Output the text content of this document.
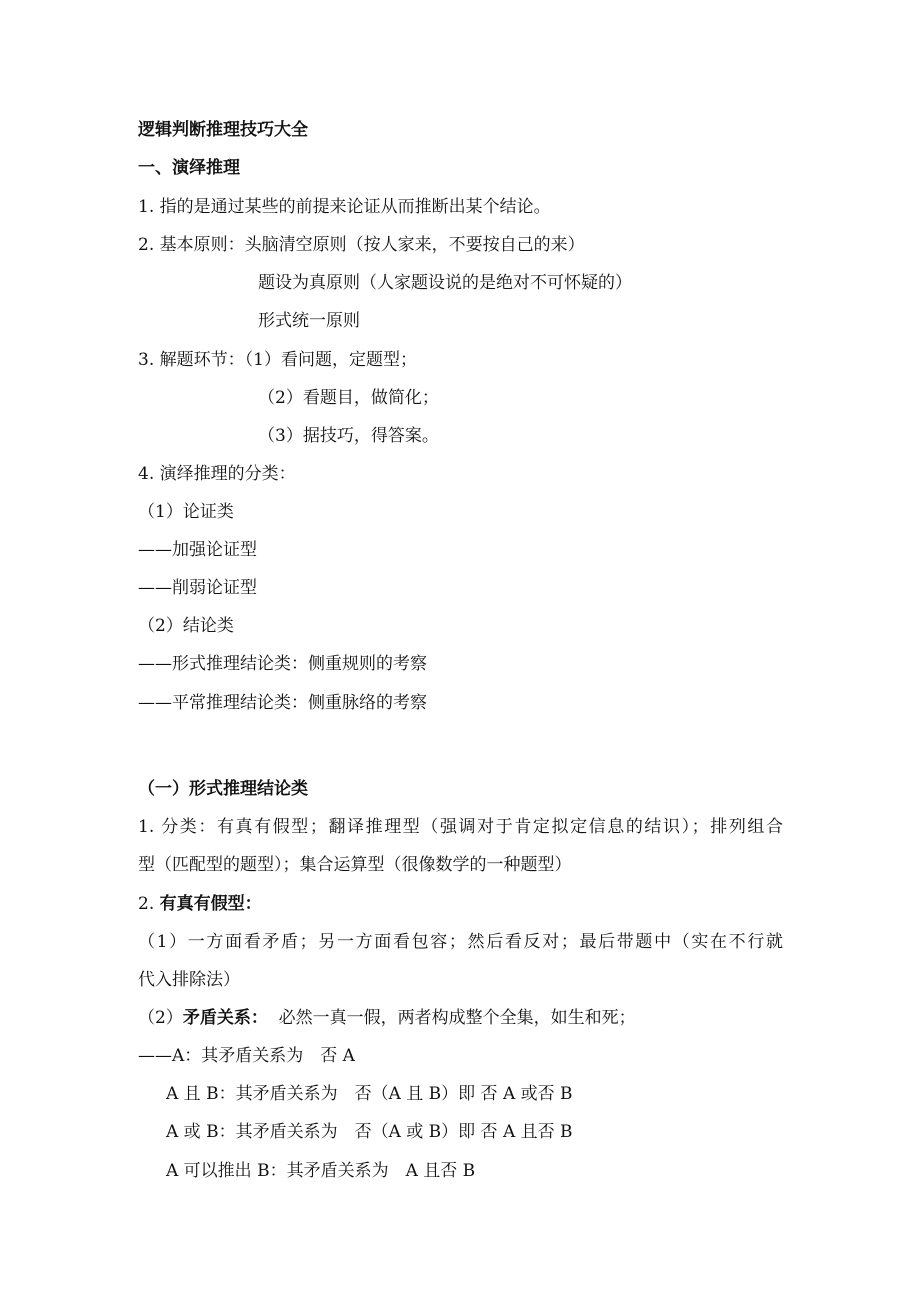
逻辑判断推理技巧大全
一、演绎推理
1. 指的是通过某些的前提来论证从而推断出某个结论。
2. 基本原则：头脑清空原则（按人家来，不要按自己的来）
题设为真原则（人家题设说的是绝对不可怀疑的）
形式统一原则
3. 解题环节：（1）看问题，定题型；
（2）看题目，做简化；
（3）据技巧，得答案。
4. 演绎推理的分类：
（1）论证类
——加强论证型
——削弱论证型
（2）结论类
——形式推理结论类：侧重规则的考察
——平常推理结论类：侧重脉络的考察
（一）形式推理结论类
1. 分类：有真有假型；翻译推理型（强调对于肯定拟定信息的结识）；排列组合
型（匹配型的题型）；集合运算型（很像数学的一种题型）
2. 有真有假型：
（1）一方面看矛盾；另一方面看包容；然后看反对；最后带题中（实在不行就
代入排除法）
（2）矛盾关系：  必然一真一假，两者构成整个全集，如生和死；
——A：其矛盾关系为　否 A
A 且 B：其矛盾关系为　否（A 且 B）即 否 A 或否 B
A 或 B：其矛盾关系为　否（A 或 B）即 否 A 且否 B
A 可以推出 B：其矛盾关系为　A 且否 B
